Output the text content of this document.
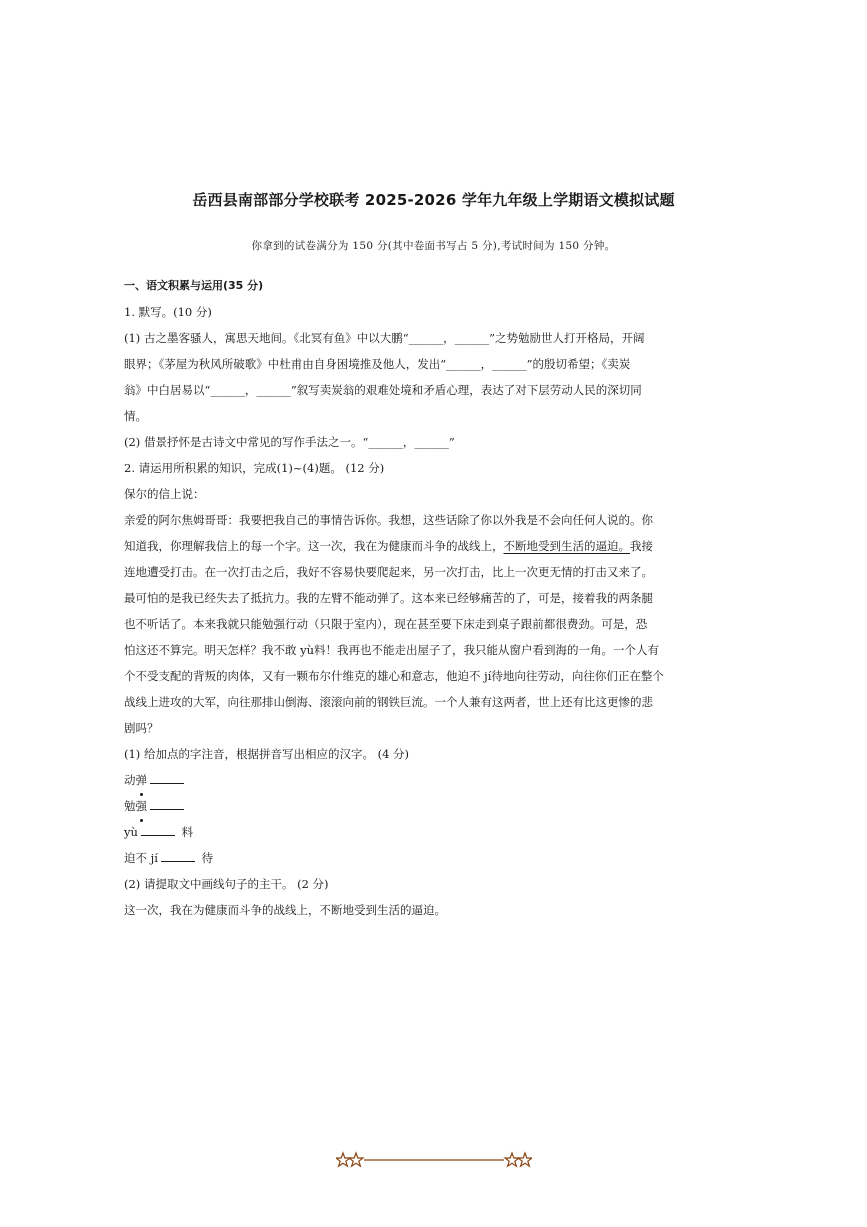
岳西县南部部分学校联考 2025-2026 学年九年级上学期语文模拟试题
你拿到的试卷满分为 150 分(其中卷面书写占 5 分),考试时间为 150 分钟。

一、语文积累与运用(35 分)

1. 默写。(10 分)

(1) 古之墨客骚人，寓思天地间。《北冥有鱼》中以大鹏“______，______”之势勉励世人打开格局，开阔

眼界；《茅屋为秋风所破歌》中杜甫由自身困境推及他人，发出“______，______”的殷切希望；《卖炭

翁》中白居易以“______，______”叙写卖炭翁的艰难处境和矛盾心理，表达了对下层劳动人民的深切同

情。

(2) 借景抒怀是古诗文中常见的写作手法之一。“______，______”

2. 请运用所积累的知识，完成(1)~(4)题。 (12 分)

保尔的信上说：

亲爱的阿尔焦姆哥哥：我要把我自己的事情告诉你。我想，这些话除了你以外我是不会向任何人说的。你

知道我，你理解我信上的每一个字。这一次，我在为健康而斗争的战线上，不断地受到生活的逼迫。我接

连地遭受打击。在一次打击之后，我好不容易快要爬起来，另一次打击，比上一次更无情的打击又来了。

最可怕的是我已经失去了抵抗力。我的左臂不能动弹了。这本来已经够痛苦的了，可是，接着我的两条腿

也不听话了。本来我就只能勉强行动（只限于室内），现在甚至要下床走到桌子跟前都很费劲。可是，恐

怕这还不算完。明天怎样？我不敢 yù料！我再也不能走出屋子了，我只能从窗户看到海的一角。一个人有

个不受支配的背叛的肉体，又有一颗布尔什维克的雄心和意志，他迫不 jí待地向往劳动，向往你们正在整个

战线上进攻的大军，向往那排山倒海、滚滚向前的钢铁巨流。一个人兼有这两者，世上还有比这更惨的悲

剧吗？

(1) 给加点的字注音，根据拼音写出相应的汉字。 (4 分)

动弹

勉强

yù	料

迫不 jí	待

(2) 请提取文中画线句子的主干。 (2 分)

这一次，我在为健康而斗争的战线上，不断地受到生活的逼迫。
